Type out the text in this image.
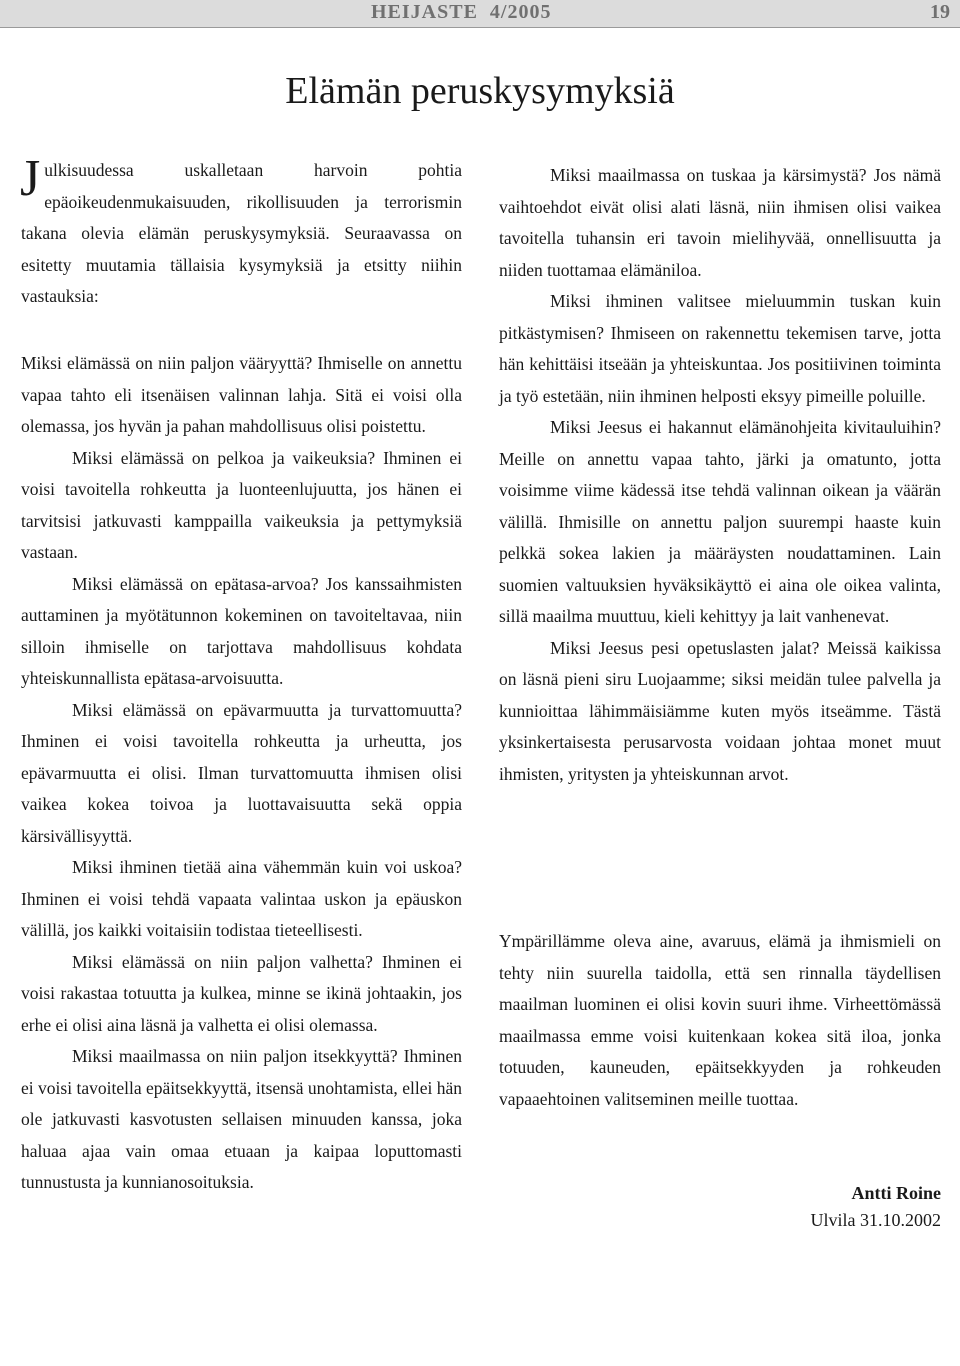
HEIJASTE  4/2005	19
Elämän peruskysymyksiä

Julkisuudessa uskalletaan harvoin pohtia epäoikeudenmukaisuuden, rikollisuuden ja terrorismin takana olevia elämän peruskysymyksiä. Seuraavassa on esitetty muutamia tällaisia kysymyksiä ja etsitty niihin vastauksia:

Miksi elämässä on niin paljon vääryyttä? Ihmiselle on annettu vapaa tahto eli itsenäisen valinnan lahja. Sitä ei voisi olla olemassa, jos hyvän ja pahan mahdollisuus olisi poistettu.

Miksi elämässä on pelkoa ja vaikeuksia? Ihminen ei voisi tavoitella rohkeutta ja luonteenlujuutta, jos hänen ei tarvitsisi jatkuvasti kamppailla vaikeuksia ja pettymyksiä vastaan.

Miksi elämässä on epätasa-arvoa? Jos kanssaihmisten auttaminen ja myötätunnon kokeminen on tavoiteltavaa, niin silloin ihmiselle on tarjottava mahdollisuus kohdata yhteiskunnallista epätasa-arvoisuutta.

Miksi elämässä on epävarmuutta ja turvattomuutta? Ihminen ei voisi tavoitella rohkeutta ja urheutta, jos epävarmuutta ei olisi. Ilman turvattomuutta ihmisen olisi vaikea kokea toivoa ja luottavaisuutta sekä oppia kärsivällisyyttä.

Miksi ihminen tietää aina vähemmän kuin voi uskoa? Ihminen ei voisi tehdä vapaata valintaa uskon ja epäuskon välillä, jos kaikki voitaisiin todistaa tieteellisesti.

Miksi elämässä on niin paljon valhetta? Ihminen ei voisi rakastaa totuutta ja kulkea, minne se ikinä johtaakin, jos erhe ei olisi aina läsnä ja valhetta ei olisi olemassa.

Miksi maailmassa on niin paljon itsekkyyttä? Ihminen ei voisi tavoitella epäitsekkyyttä, itsensä unohtamista, ellei hän ole jatkuvasti kasvotusten sellaisen minuuden kanssa, joka haluaa ajaa vain omaa etuaan ja kaipaa loputtomasti tunnustusta ja kunnianosoituksia.

Miksi maailmassa on tuskaa ja kärsimystä? Jos nämä vaihtoehdot eivät olisi alati läsnä, niin ihmisen olisi vaikea tavoitella tuhansin eri tavoin mielihyvää, onnellisuutta ja niiden tuottamaa elämäniloa.

Miksi ihminen valitsee mieluummin tuskan kuin pitkästymisen? Ihmiseen on rakennettu tekemisen tarve, jotta hän kehittäisi itseään ja yhteiskuntaa. Jos positiivinen toiminta ja työ estetään, niin ihminen helposti eksyy pimeille poluille.

Miksi Jeesus ei hakannut elämänohjeita kivitauluihin? Meille on annettu vapaa tahto, järki ja omatunto, jotta voisimme viime kädessä itse tehdä valinnan oikean ja väärän välillä. Ihmisille on annettu paljon suurempi haaste kuin pelkkä sokea lakien ja määräysten noudattaminen. Lain suomien valtuuksien hyväksikäyttö ei aina ole oikea valinta, sillä maailma muuttuu, kieli kehittyy ja lait vanhenevat.

Miksi Jeesus pesi opetuslasten jalat? Meissä kaikissa on läsnä pieni siru Luojaamme; siksi meidän tulee palvella ja kunnioittaa lähimmäisiämme kuten myös itseämme. Tästä yksinkertaisesta perusarvosta voidaan johtaa monet muut ihmisten, yritysten ja yhteiskunnan arvot.

Ympärillämme oleva aine, avaruus, elämä ja ihmismieli on tehty niin suurella taidolla, että sen rinnalla täydellisen maailman luominen ei olisi kovin suuri ihme. Virheettömässä maailmassa emme voisi kuitenkaan kokea sitä iloa, jonka totuuden, kauneuden, epäitsekkyyden ja rohkeuden vapaaehtoinen valitseminen meille tuottaa.

Antti Roine
Ulvila 31.10.2002
